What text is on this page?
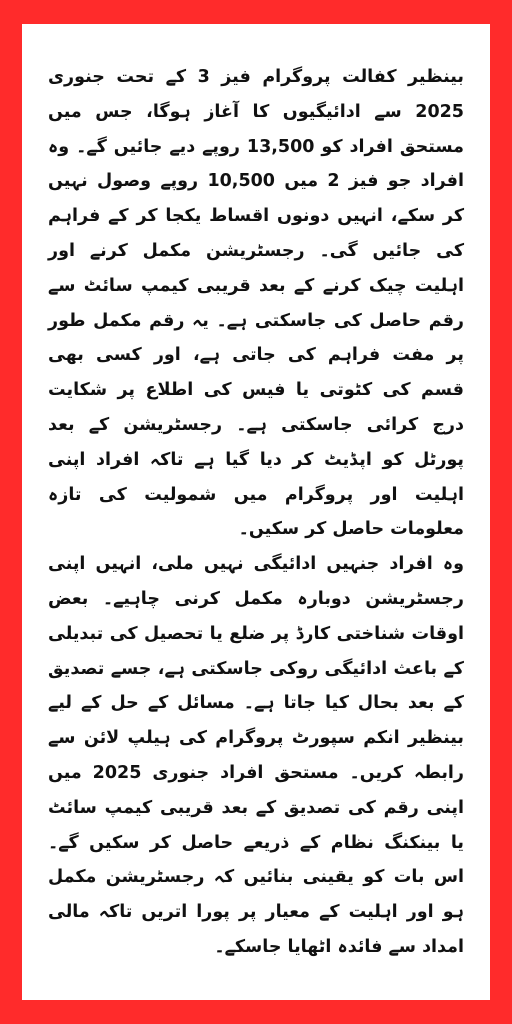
بینظیر کفالت پروگرام فیز 3 کے تحت جنوری 2025 سے ادائیگیوں کا آغاز ہوگا، جس میں مستحق افراد کو 13,500 روپے دیے جائیں گے۔ وہ افراد جو فیز 2 میں 10,500 روپے وصول نہیں کر سکے، انہیں دونوں اقساط یکجا کر کے فراہم کی جائیں گی۔ رجسٹریشن مکمل کرنے اور اہلیت چیک کرنے کے بعد قریبی کیمپ سائٹ سے رقم حاصل کی جاسکتی ہے۔ یہ رقم مکمل طور پر مفت فراہم کی جاتی ہے، اور کسی بھی قسم کی کٹوتی یا فیس کی اطلاع پر شکایت درج کرائی جاسکتی ہے۔ رجسٹریشن کے بعد پورٹل کو اپڈیٹ کر دیا گیا ہے تاکہ افراد اپنی اہلیت اور پروگرام میں شمولیت کی تازہ معلومات حاصل کر سکیں۔

وہ افراد جنہیں ادائیگی نہیں ملی، انہیں اپنی رجسٹریشن دوبارہ مکمل کرنی چاہیے۔ بعض اوقات شناختی کارڈ پر ضلع یا تحصیل کی تبدیلی کے باعث ادائیگی روکی جاسکتی ہے، جسے تصدیق کے بعد بحال کیا جاتا ہے۔ مسائل کے حل کے لیے بینظیر انکم سپورٹ پروگرام کی ہیلپ لائن سے رابطہ کریں۔ مستحق افراد جنوری 2025 میں اپنی رقم کی تصدیق کے بعد قریبی کیمپ سائٹ یا بینکنگ نظام کے ذریعے حاصل کر سکیں گے۔ اس بات کو یقینی بنائیں کہ رجسٹریشن مکمل ہو اور اہلیت کے معیار پر پورا اتریں تاکہ مالی امداد سے فائدہ اٹھایا جاسکے۔
